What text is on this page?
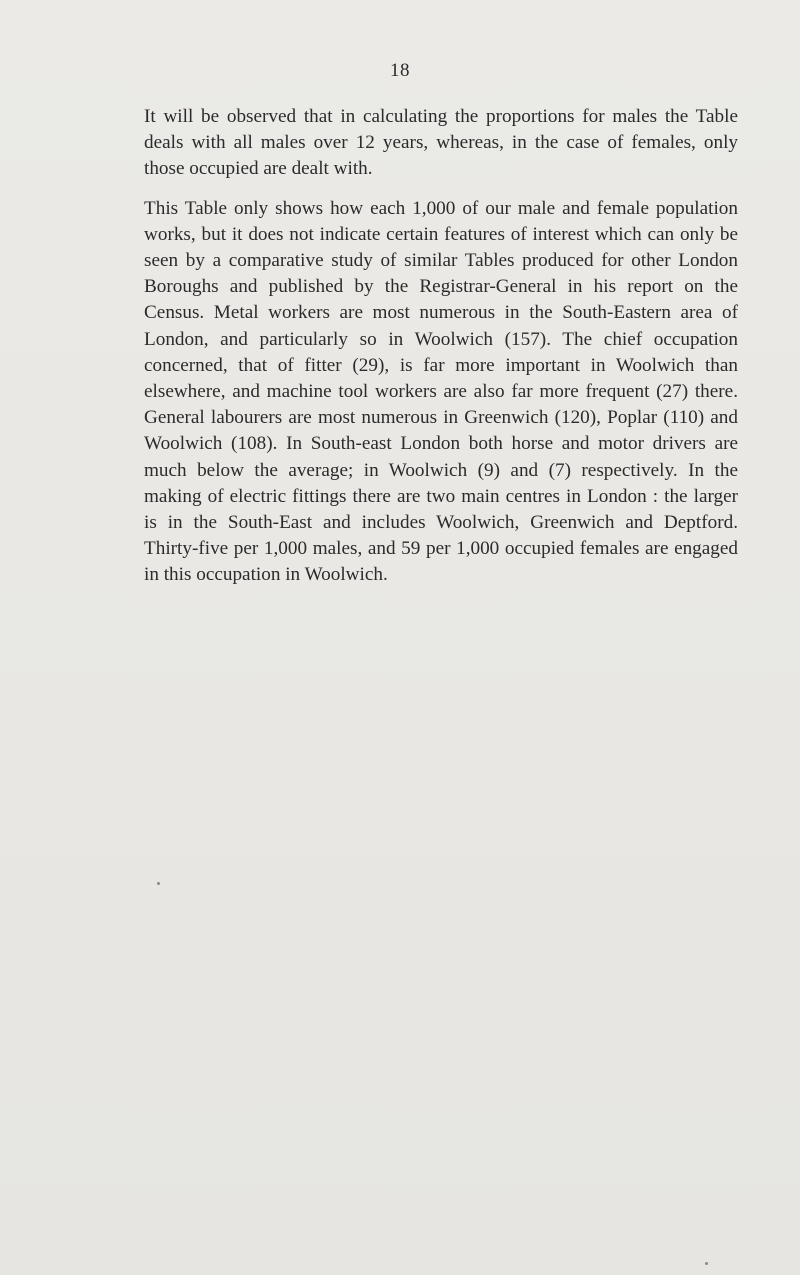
18

It will be observed that in calculating the proportions for males the Table deals with all males over 12 years, whereas, in the case of females, only those occupied are dealt with.

This Table only shows how each 1,000 of our male and female population works, but it does not indicate certain features of interest which can only be seen by a comparative study of similar Tables produced for other London Boroughs and published by the Registrar-General in his report on the Census. Metal workers are most numerous in the South-Eastern area of London, and particularly so in Woolwich (157). The chief occupation concerned, that of fitter (29), is far more important in Woolwich than elsewhere, and machine tool workers are also far more frequent (27) there. General labourers are most numerous in Greenwich (120), Poplar (110) and Woolwich (108). In South-east London both horse and motor drivers are much below the average; in Woolwich (9) and (7) respectively. In the making of electric fittings there are two main centres in London : the larger is in the South-East and includes Woolwich, Greenwich and Deptford. Thirty-five per 1,000 males, and 59 per 1,000 occupied females are engaged in this occupation in Woolwich.
